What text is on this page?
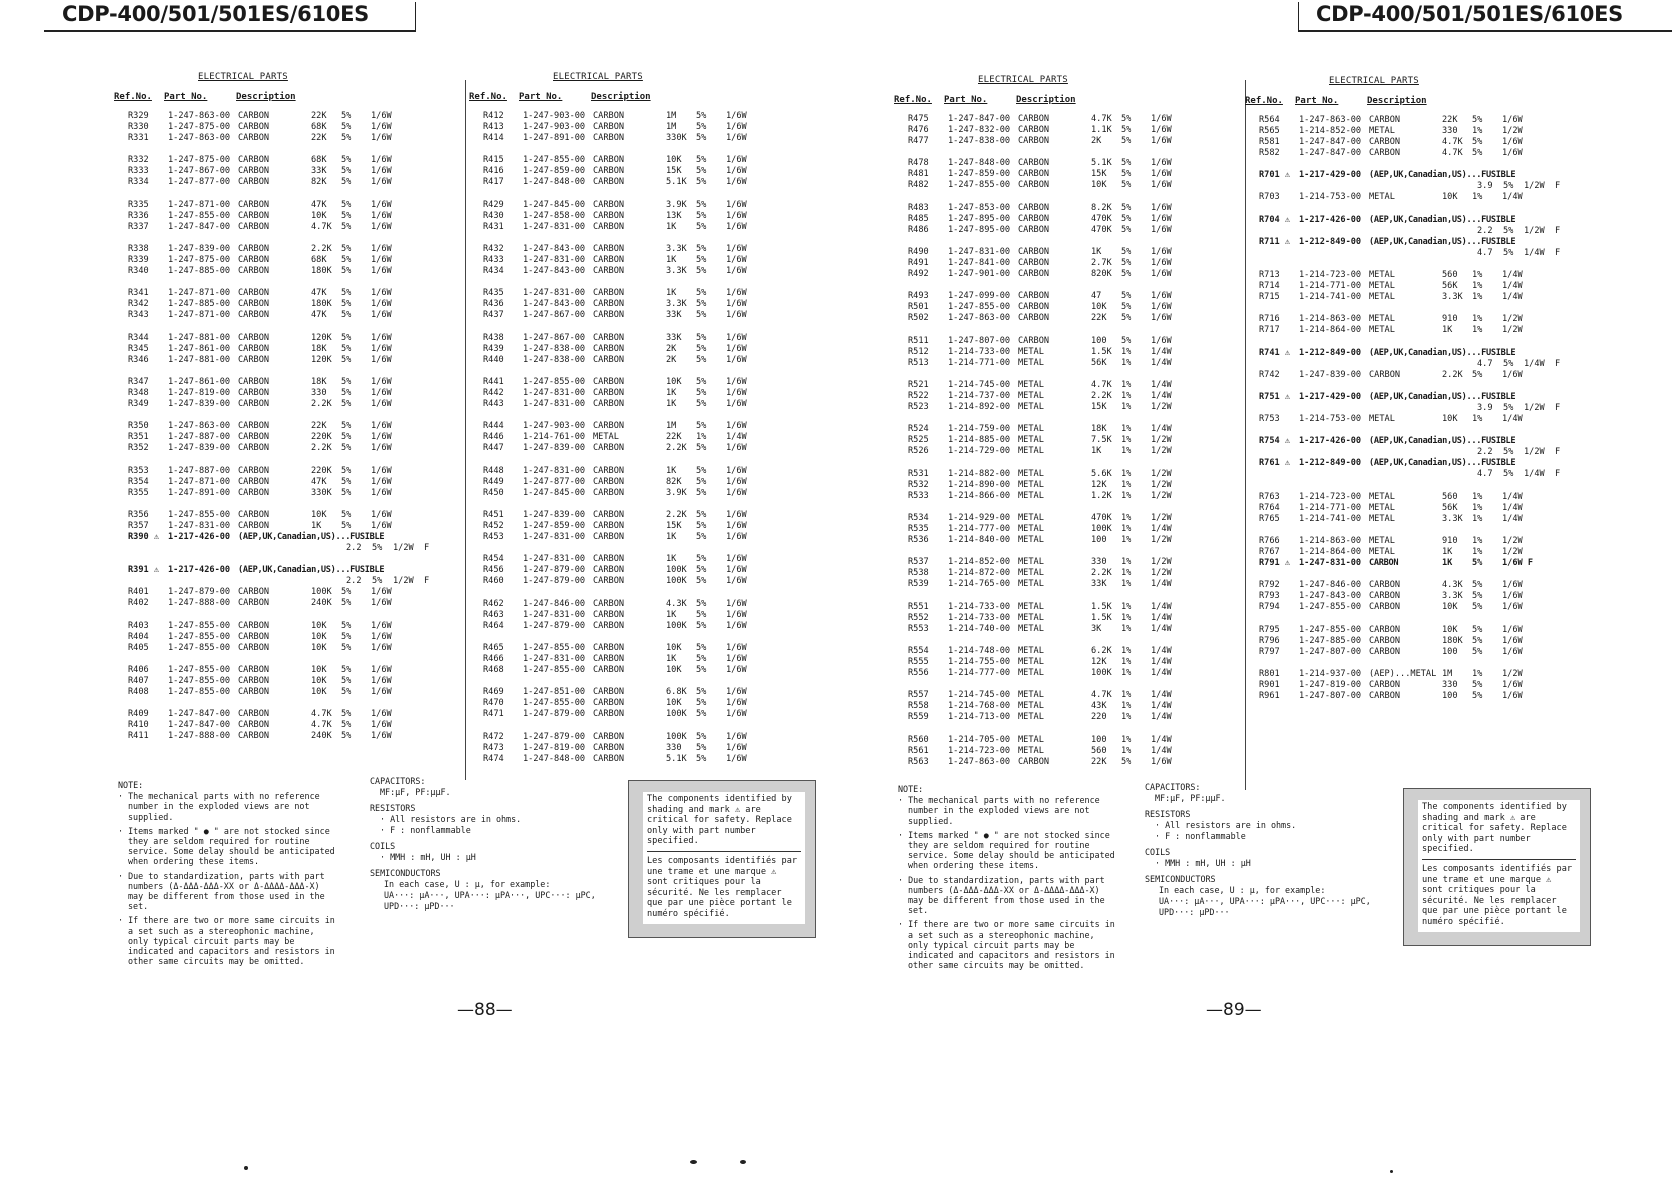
CDP-400/501/501ES/610ES	CDP-400/501/501ES/610ES
ELECTRICAL PARTS
Ref.No. Part No.	Description
R329 1-247-863-00 CARBON	22K 5% 1/6W
R330 1-247-875-00 CARBON	68K 5% 1/6W
R331 1-247-863-00 CARBON	22K 5% 1/6W
R332 1-247-875-00 CARBON	68K 5% 1/6W
R333 1-247-867-00 CARBON	33K 5% 1/6W
R334 1-247-877-00 CARBON	82K 5% 1/6W
R335 1-247-871-00 CARBON	47K 5% 1/6W
R336 1-247-855-00 CARBON	10K 5% 1/6W
R337 1-247-847-00 CARBON	4.7K 5% 1/6W
R338 1-247-839-00 CARBON	2.2K 5% 1/6W
R339 1-247-875-00 CARBON	68K 5% 1/6W
R340 1-247-885-00 CARBON	180K 5% 1/6W
R341 1-247-871-00 CARBON	47K 5% 1/6W
R342 1-247-885-00 CARBON	180K 5% 1/6W
R343 1-247-871-00 CARBON	47K 5% 1/6W
R344 1-247-881-00 CARBON	120K 5% 1/6W
R345 1-247-861-00 CARBON	18K 5% 1/6W
R346 1-247-881-00 CARBON	120K 5% 1/6W
R347 1-247-861-00 CARBON	18K 5% 1/6W
R348 1-247-819-00 CARBON	330 5% 1/6W
R349 1-247-839-00 CARBON	2.2K 5% 1/6W
R350 1-247-863-00 CARBON	22K 5% 1/6W
R351 1-247-887-00 CARBON	220K 5% 1/6W
R352 1-247-839-00 CARBON	2.2K 5% 1/6W
R353 1-247-887-00 CARBON	220K 5% 1/6W
R354 1-247-871-00 CARBON	47K 5% 1/6W
R355 1-247-891-00 CARBON	330K 5% 1/6W
R356 1-247-855-00 CARBON	10K 5% 1/6W
R357 1-247-831-00 CARBON	1K 5% 1/6W
R390 ⚠ 1-217-426-00 (AEP,UK,Canadian,US)...FUSIBLE
2.2 5% 1/2W F
R391 ⚠ 1-217-426-00 (AEP,UK,Canadian,US)...FUSIBLE
2.2 5% 1/2W F
R401 1-247-879-00 CARBON	100K 5% 1/6W
R402 1-247-888-00 CARBON	240K 5% 1/6W
R403 1-247-855-00 CARBON	10K 5% 1/6W
R404 1-247-855-00 CARBON	10K 5% 1/6W
R405 1-247-855-00 CARBON	10K 5% 1/6W
R406 1-247-855-00 CARBON	10K 5% 1/6W
R407 1-247-855-00 CARBON	10K 5% 1/6W
R408 1-247-855-00 CARBON	10K 5% 1/6W
R409 1-247-847-00 CARBON	4.7K 5% 1/6W
R410 1-247-847-00 CARBON	4.7K 5% 1/6W
R411 1-247-888-00 CARBON	240K 5% 1/6W
ELECTRICAL PARTS
Ref.No. Part No.	Description
R412 1-247-903-00 CARBON	1M 5% 1/6W
R413 1-247-903-00 CARBON	1M 5% 1/6W
R414 1-247-891-00 CARBON	330K 5% 1/6W
R415 1-247-855-00 CARBON	10K 5% 1/6W
R416 1-247-859-00 CARBON	15K 5% 1/6W
R417 1-247-848-00 CARBON	5.1K 5% 1/6W
R429 1-247-845-00 CARBON	3.9K 5% 1/6W
R430 1-247-858-00 CARBON	13K 5% 1/6W
R431 1-247-831-00 CARBON	1K 5% 1/6W
R432 1-247-843-00 CARBON	3.3K 5% 1/6W
R433 1-247-831-00 CARBON	1K 5% 1/6W
R434 1-247-843-00 CARBON	3.3K 5% 1/6W
R435 1-247-831-00 CARBON	1K 5% 1/6W
R436 1-247-843-00 CARBON	3.3K 5% 1/6W
R437 1-247-867-00 CARBON	33K 5% 1/6W
R438 1-247-867-00 CARBON	33K 5% 1/6W
R439 1-247-838-00 CARBON	2K 5% 1/6W
R440 1-247-838-00 CARBON	2K 5% 1/6W
R441 1-247-855-00 CARBON	10K 5% 1/6W
R442 1-247-831-00 CARBON	1K 5% 1/6W
R443 1-247-831-00 CARBON	1K 5% 1/6W
R444 1-247-903-00 CARBON	1M 5% 1/6W
R446 1-214-761-00 METAL	22K 1% 1/4W
R447 1-247-839-00 CARBON	2.2K 5% 1/6W
R448 1-247-831-00 CARBON	1K 5% 1/6W
R449 1-247-877-00 CARBON	82K 5% 1/6W
R450 1-247-845-00 CARBON	3.9K 5% 1/6W
R451 1-247-839-00 CARBON	2.2K 5% 1/6W
R452 1-247-859-00 CARBON	15K 5% 1/6W
R453 1-247-831-00 CARBON	1K 5% 1/6W
R454 1-247-831-00 CARBON	1K 5% 1/6W
R456 1-247-879-00 CARBON	100K 5% 1/6W
R460 1-247-879-00 CARBON	100K 5% 1/6W
R462 1-247-846-00 CARBON	4.3K 5% 1/6W
R463 1-247-831-00 CARBON	1K 5% 1/6W
R464 1-247-879-00 CARBON	100K 5% 1/6W
R465 1-247-855-00 CARBON	10K 5% 1/6W
R466 1-247-831-00 CARBON	1K 5% 1/6W
R468 1-247-855-00 CARBON	10K 5% 1/6W
R469 1-247-851-00 CARBON	6.8K 5% 1/6W
R470 1-247-855-00 CARBON	10K 5% 1/6W
R471 1-247-879-00 CARBON	100K 5% 1/6W
R472 1-247-879-00 CARBON	100K 5% 1/6W
R473 1-247-819-00 CARBON	330 5% 1/6W
R474 1-247-848-00 CARBON	5.1K 5% 1/6W
ELECTRICAL PARTS
Ref.No. Part No.	Description
R475 1-247-847-00 CARBON	4.7K 5% 1/6W
R476 1-247-832-00 CARBON	1.1K 5% 1/6W
R477 1-247-838-00 CARBON	2K 5% 1/6W
R478 1-247-848-00 CARBON	5.1K 5% 1/6W
R481 1-247-859-00 CARBON	15K 5% 1/6W
R482 1-247-855-00 CARBON	10K 5% 1/6W
R483 1-247-853-00 CARBON	8.2K 5% 1/6W
R485 1-247-895-00 CARBON	470K 5% 1/6W
R486 1-247-895-00 CARBON	470K 5% 1/6W
R490 1-247-831-00 CARBON	1K 5% 1/6W
R491 1-247-841-00 CARBON	2.7K 5% 1/6W
R492 1-247-901-00 CARBON	820K 5% 1/6W
R493 1-247-099-00 CARBON	47 5% 1/6W
R501 1-247-855-00 CARBON	10K 5% 1/6W
R502 1-247-863-00 CARBON	22K 5% 1/6W
R511 1-247-807-00 CARBON	100 5% 1/6W
R512 1-214-733-00 METAL	1.5K 1% 1/4W
R513 1-214-771-00 METAL	56K 1% 1/4W
R521 1-214-745-00 METAL	4.7K 1% 1/4W
R522 1-214-737-00 METAL	2.2K 1% 1/4W
R523 1-214-892-00 METAL	15K 1% 1/2W
R524 1-214-759-00 METAL	18K 1% 1/4W
R525 1-214-885-00 METAL	7.5K 1% 1/2W
R526 1-214-729-00 METAL	1K 1% 1/2W
R531 1-214-882-00 METAL	5.6K 1% 1/2W
R532 1-214-890-00 METAL	12K 1% 1/2W
R533 1-214-866-00 METAL	1.2K 1% 1/2W
R534 1-214-929-00 METAL	470K 1% 1/2W
R535 1-214-777-00 METAL	100K 1% 1/4W
R536 1-214-840-00 METAL	100 1% 1/2W
R537 1-214-852-00 METAL	330 1% 1/2W
R538 1-214-872-00 METAL	2.2K 1% 1/2W
R539 1-214-765-00 METAL	33K 1% 1/4W
R551 1-214-733-00 METAL	1.5K 1% 1/4W
R552 1-214-733-00 METAL	1.5K 1% 1/4W
R553 1-214-740-00 METAL	3K 1% 1/4W
R554 1-214-748-00 METAL	6.2K 1% 1/4W
R555 1-214-755-00 METAL	12K 1% 1/4W
R556 1-214-777-00 METAL	100K 1% 1/4W
R557 1-214-745-00 METAL	4.7K 1% 1/4W
R558 1-214-768-00 METAL	43K 1% 1/4W
R559 1-214-713-00 METAL	220 1% 1/4W
R560 1-214-705-00 METAL	100 1% 1/4W
R561 1-214-723-00 METAL	560 1% 1/4W
R563 1-247-863-00 CARBON	22K 5% 1/6W
ELECTRICAL PARTS
Ref.No. Part No.	Description
R564 1-247-863-00 CARBON	22K 5% 1/6W
R565 1-214-852-00 METAL	330 1% 1/2W
R581 1-247-847-00 CARBON	4.7K 5% 1/6W
R582 1-247-847-00 CARBON	4.7K 5% 1/6W
R701 ⚠ 1-217-429-00 (AEP,UK,Canadian,US)...FUSIBLE
3.9 5% 1/2W F
R703 1-214-753-00 METAL	10K 1% 1/4W
R704 ⚠ 1-217-426-00 (AEP,UK,Canadian,US)...FUSIBLE
2.2 5% 1/2W F
R711 ⚠ 1-212-849-00 (AEP,UK,Canadian,US)...FUSIBLE
4.7 5% 1/4W F
R713 1-214-723-00 METAL	560 1% 1/4W
R714 1-214-771-00 METAL	56K 1% 1/4W
R715 1-214-741-00 METAL	3.3K 1% 1/4W
R716 1-214-863-00 METAL	910 1% 1/2W
R717 1-214-864-00 METAL	1K 1% 1/2W
R741 ⚠ 1-212-849-00 (AEP,UK,Canadian,US)...FUSIBLE
4.7 5% 1/4W F
R742 1-247-839-00 CARBON	2.2K 5% 1/6W
R751 ⚠ 1-217-429-00 (AEP,UK,Canadian,US)...FUSIBLE
3.9 5% 1/2W F
R753 1-214-753-00 METAL	10K 1% 1/4W
R754 ⚠ 1-217-426-00 (AEP,UK,Canadian,US)...FUSIBLE
2.2 5% 1/2W F
R761 ⚠ 1-212-849-00 (AEP,UK,Canadian,US)...FUSIBLE
4.7 5% 1/4W F
R763 1-214-723-00 METAL	560 1% 1/4W
R764 1-214-771-00 METAL	56K 1% 1/4W
R765 1-214-741-00 METAL	3.3K 1% 1/4W
R766 1-214-863-00 METAL	910 1% 1/2W
R767 1-214-864-00 METAL	1K 1% 1/2W
R791 ⚠ 1-247-831-00 CARBON	1K 5% 1/6W F
R792 1-247-846-00 CARBON	4.3K 5% 1/6W
R793 1-247-843-00 CARBON	3.3K 5% 1/6W
R794 1-247-855-00 CARBON	10K 5% 1/6W
R795 1-247-855-00 CARBON	10K 5% 1/6W
R796 1-247-885-00 CARBON	180K 5% 1/6W
R797 1-247-807-00 CARBON	100 5% 1/6W
R801 1-214-937-00 (AEP)...METAL 1M 1% 1/2W
R901 1-247-819-00 CARBON	330 5% 1/6W
R961 1-247-807-00 CARBON	100 5% 1/6W

NOTE:

· The mechanical parts with no reference number in the exploded views are not supplied.

· Items marked " ● " are not stocked since they are seldom required for routine service. Some delay should be anticipated when ordering these items.

· Due to standardization, parts with part numbers (Δ-ΔΔΔ-ΔΔΔ-XX or Δ-ΔΔΔΔ-ΔΔΔ-X) may be different from those used in the set.

· If there are two or more same circuits in a set such as a stereophonic machine, only typical circuit parts may be indicated and capacitors and resistors in other same circuits may be omitted.

NOTE:

· The mechanical parts with no reference number in the exploded views are not supplied.

· Items marked " ● " are not stocked since they are seldom required for routine service. Some delay should be anticipated when ordering these items.

· Due to standardization, parts with part numbers (Δ-ΔΔΔ-ΔΔΔ-XX or Δ-ΔΔΔΔ-ΔΔΔ-X) may be different from those used in the set.

· If there are two or more same circuits in a set such as a stereophonic machine, only typical circuit parts may be indicated and capacitors and resistors in other same circuits may be omitted.

CAPACITORS:
MF:μF, PF:μμF.
RESISTORS
· All resistors are in ohms.
· F : nonflammable
COILS
· MMH : mH, UH : μH
SEMICONDUCTORS
In each case, U : μ, for example:
UA···: μA···, UPA···: μPA···, UPC···: μPC,
UPD···: μPD···
CAPACITORS:
MF:μF, PF:μμF.
RESISTORS
· All resistors are in ohms.
· F : nonflammable
COILS
· MMH : mH, UH : μH
SEMICONDUCTORS
In each case, U : μ, for example:
UA···: μA···, UPA···: μPA···, UPC···: μPC,
UPD···: μPD···
The components identified by shading and mark ⚠ are critical for safety. Replace only with part number specified.
Les composants identifiés par une trame et une marque ⚠ sont critiques pour la sécurité. Ne les remplacer que par une pièce portant le numéro spécifié.
The components identified by shading and mark ⚠ are critical for safety. Replace only with part number specified.
Les composants identifiés par une trame et une marque ⚠ sont critiques pour la sécurité. Ne les remplacer que par une pièce portant le numéro spécifié.
—88—	—89—
